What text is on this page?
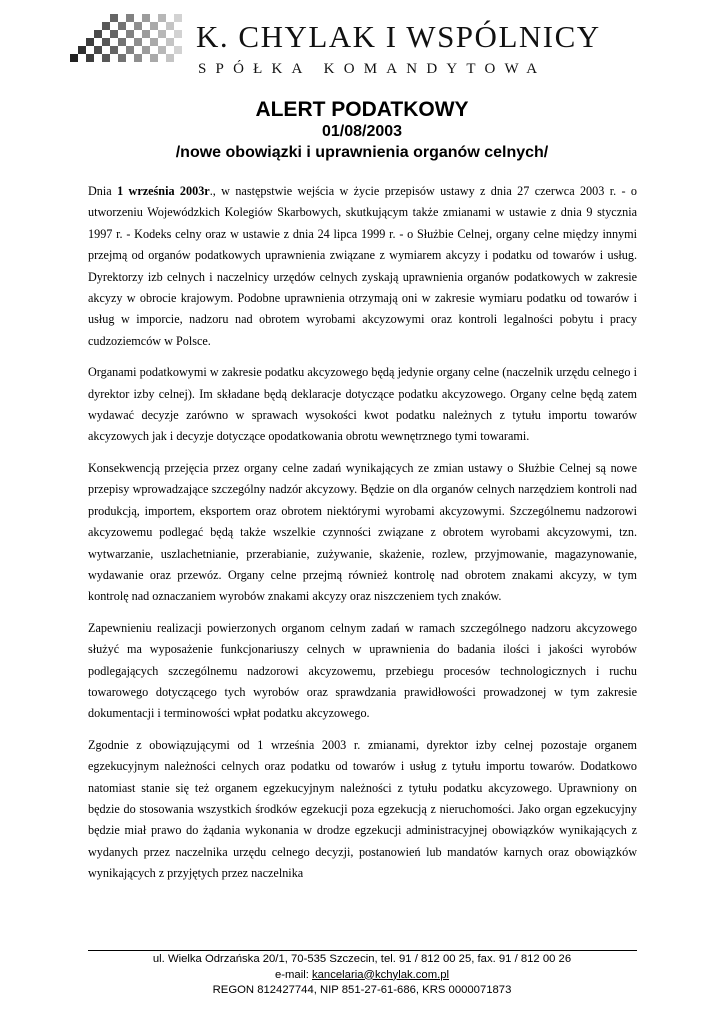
K. CHYLAK I WSPÓLNICY
SPÓŁKA KOMANDYTOWA
ALERT PODATKOWY
01/08/2003
/nowe obowiązki i uprawnienia organów celnych/

Dnia 1 września 2003r., w następstwie wejścia w życie przepisów ustawy z dnia 27 czerwca 2003 r. - o utworzeniu Wojewódzkich Kolegiów Skarbowych, skutkującym także zmianami w ustawie z dnia 9 stycznia 1997 r. - Kodeks celny oraz w ustawie z dnia 24 lipca 1999 r. - o Służbie Celnej, organy celne między innymi przejmą od organów podatkowych uprawnienia związane z wymiarem akcyzy i podatku od towarów i usług. Dyrektorzy izb celnych i naczelnicy urzędów celnych zyskają uprawnienia organów podatkowych w zakresie akcyzy w obrocie krajowym. Podobne uprawnienia otrzymają oni w zakresie wymiaru podatku od towarów i usług w imporcie, nadzoru nad obrotem wyrobami akcyzowymi oraz kontroli legalności pobytu i pracy cudzoziemców w Polsce.

Organami podatkowymi w zakresie podatku akcyzowego będą jedynie organy celne (naczelnik urzędu celnego i dyrektor izby celnej). Im składane będą deklaracje dotyczące podatku akcyzowego. Organy celne będą zatem wydawać decyzje zarówno w sprawach wysokości kwot podatku należnych z tytułu importu towarów akcyzowych jak i decyzje dotyczące opodatkowania obrotu wewnętrznego tymi towarami.

Konsekwencją przejęcia przez organy celne zadań wynikających ze zmian ustawy o Służbie Celnej są nowe przepisy wprowadzające szczególny nadzór akcyzowy. Będzie on dla organów celnych narzędziem kontroli nad produkcją, importem, eksportem oraz obrotem niektórymi wyrobami akcyzowymi. Szczególnemu nadzorowi akcyzowemu podlegać będą także wszelkie czynności związane z obrotem wyrobami akcyzowymi, tzn. wytwarzanie, uszlachetnianie, przerabianie, zużywanie, skażenie, rozlew, przyjmowanie, magazynowanie, wydawanie oraz przewóz. Organy celne przejmą również kontrolę nad obrotem znakami akcyzy, w tym kontrolę nad oznaczaniem wyrobów znakami akcyzy oraz niszczeniem tych znaków.

Zapewnieniu realizacji powierzonych organom celnym zadań w ramach szczególnego nadzoru akcyzowego służyć ma wyposażenie funkcjonariuszy celnych w uprawnienia do badania ilości i jakości wyrobów podlegających szczególnemu nadzorowi akcyzowemu, przebiegu procesów technologicznych i ruchu towarowego dotyczącego tych wyrobów oraz sprawdzania prawidłowości prowadzonej w tym zakresie dokumentacji i terminowości wpłat podatku akcyzowego.

Zgodnie z obowiązującymi od 1 września 2003 r. zmianami, dyrektor izby celnej pozostaje organem egzekucyjnym należności celnych oraz podatku od towarów i usług z tytułu importu towarów. Dodatkowo natomiast stanie się też organem egzekucyjnym należności z tytułu podatku akcyzowego. Uprawniony on będzie do stosowania wszystkich środków egzekucji poza egzekucją z nieruchomości. Jako organ egzekucyjny będzie miał prawo do żądania wykonania w drodze egzekucji administracyjnej obowiązków wynikających z wydanych przez naczelnika urzędu celnego decyzji, postanowień lub mandatów karnych oraz obowiązków wynikających z przyjętych przez naczelnika

ul. Wielka Odrzańska 20/1, 70-535 Szczecin, tel. 91 / 812 00 25, fax. 91 / 812 00 26
e-mail: kancelaria@kchylak.com.pl
REGON 812427744, NIP 851-27-61-686, KRS 0000071873
